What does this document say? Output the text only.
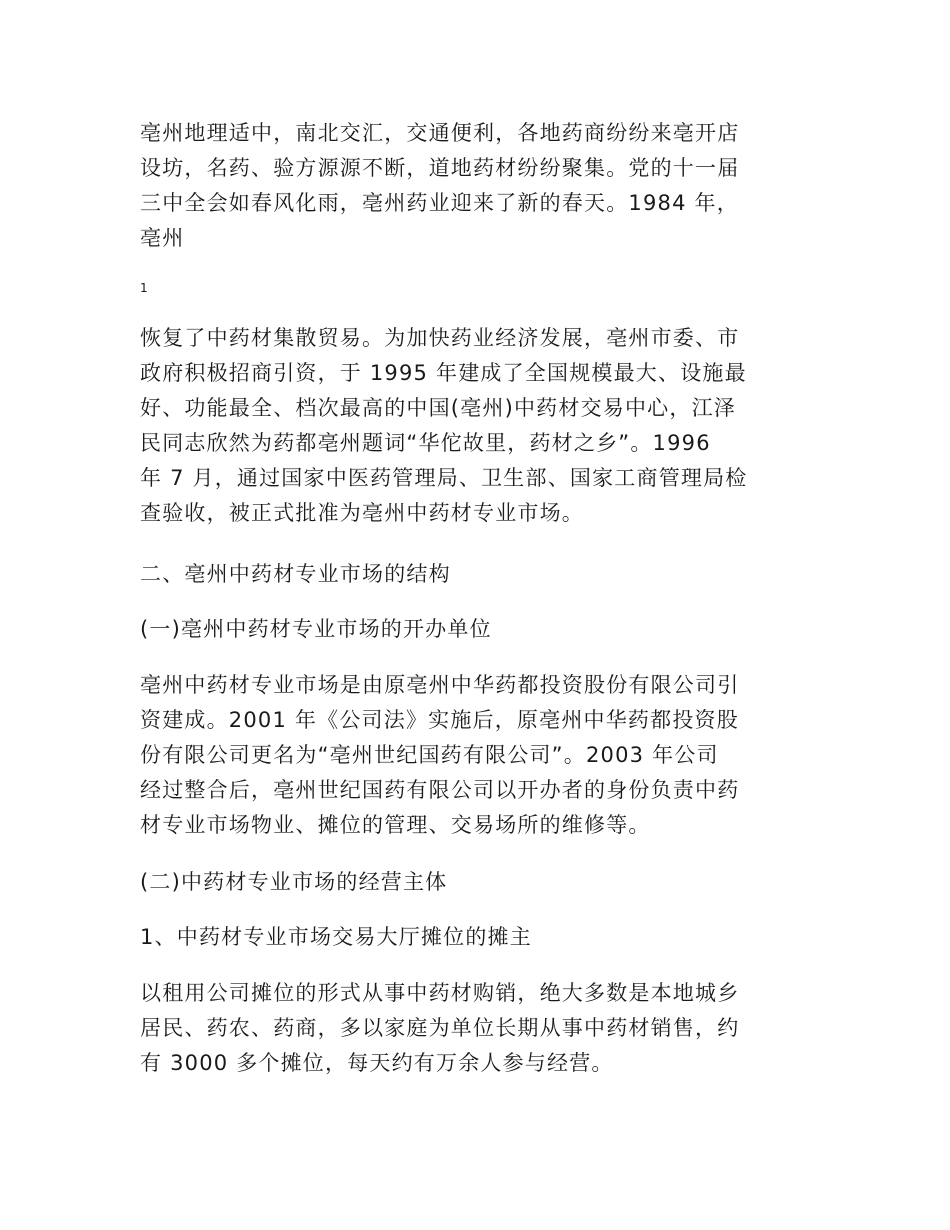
亳州地理适中，南北交汇，交通便利，各地药商纷纷来亳开店
设坊，名药、验方源源不断，道地药材纷纷聚集。党的十一届
三中全会如春风化雨，亳州药业迎来了新的春天。1984 年，
亳州

1

恢复了中药材集散贸易。为加快药业经济发展，亳州市委、市
政府积极招商引资，于 1995 年建成了全国规模最大、设施最
好、功能最全、档次最高的中国(亳州)中药材交易中心，江泽
民同志欣然为药都亳州题词“华佗故里，药材之乡”。1996
年 7 月，通过国家中医药管理局、卫生部、国家工商管理局检
查验收，被正式批准为亳州中药材专业市场。
二、亳州中药材专业市场的结构
(一)亳州中药材专业市场的开办单位
亳州中药材专业市场是由原亳州中华药都投资股份有限公司引
资建成。2001 年《公司法》实施后，原亳州中华药都投资股
份有限公司更名为“亳州世纪国药有限公司”。2003 年公司
经过整合后，亳州世纪国药有限公司以开办者的身份负责中药
材专业市场物业、摊位的管理、交易场所的维修等。
(二)中药材专业市场的经营主体
1、中药材专业市场交易大厅摊位的摊主
以租用公司摊位的形式从事中药材购销，绝大多数是本地城乡
居民、药农、药商，多以家庭为单位长期从事中药材销售，约
有 3000 多个摊位，每天约有万余人参与经营。
